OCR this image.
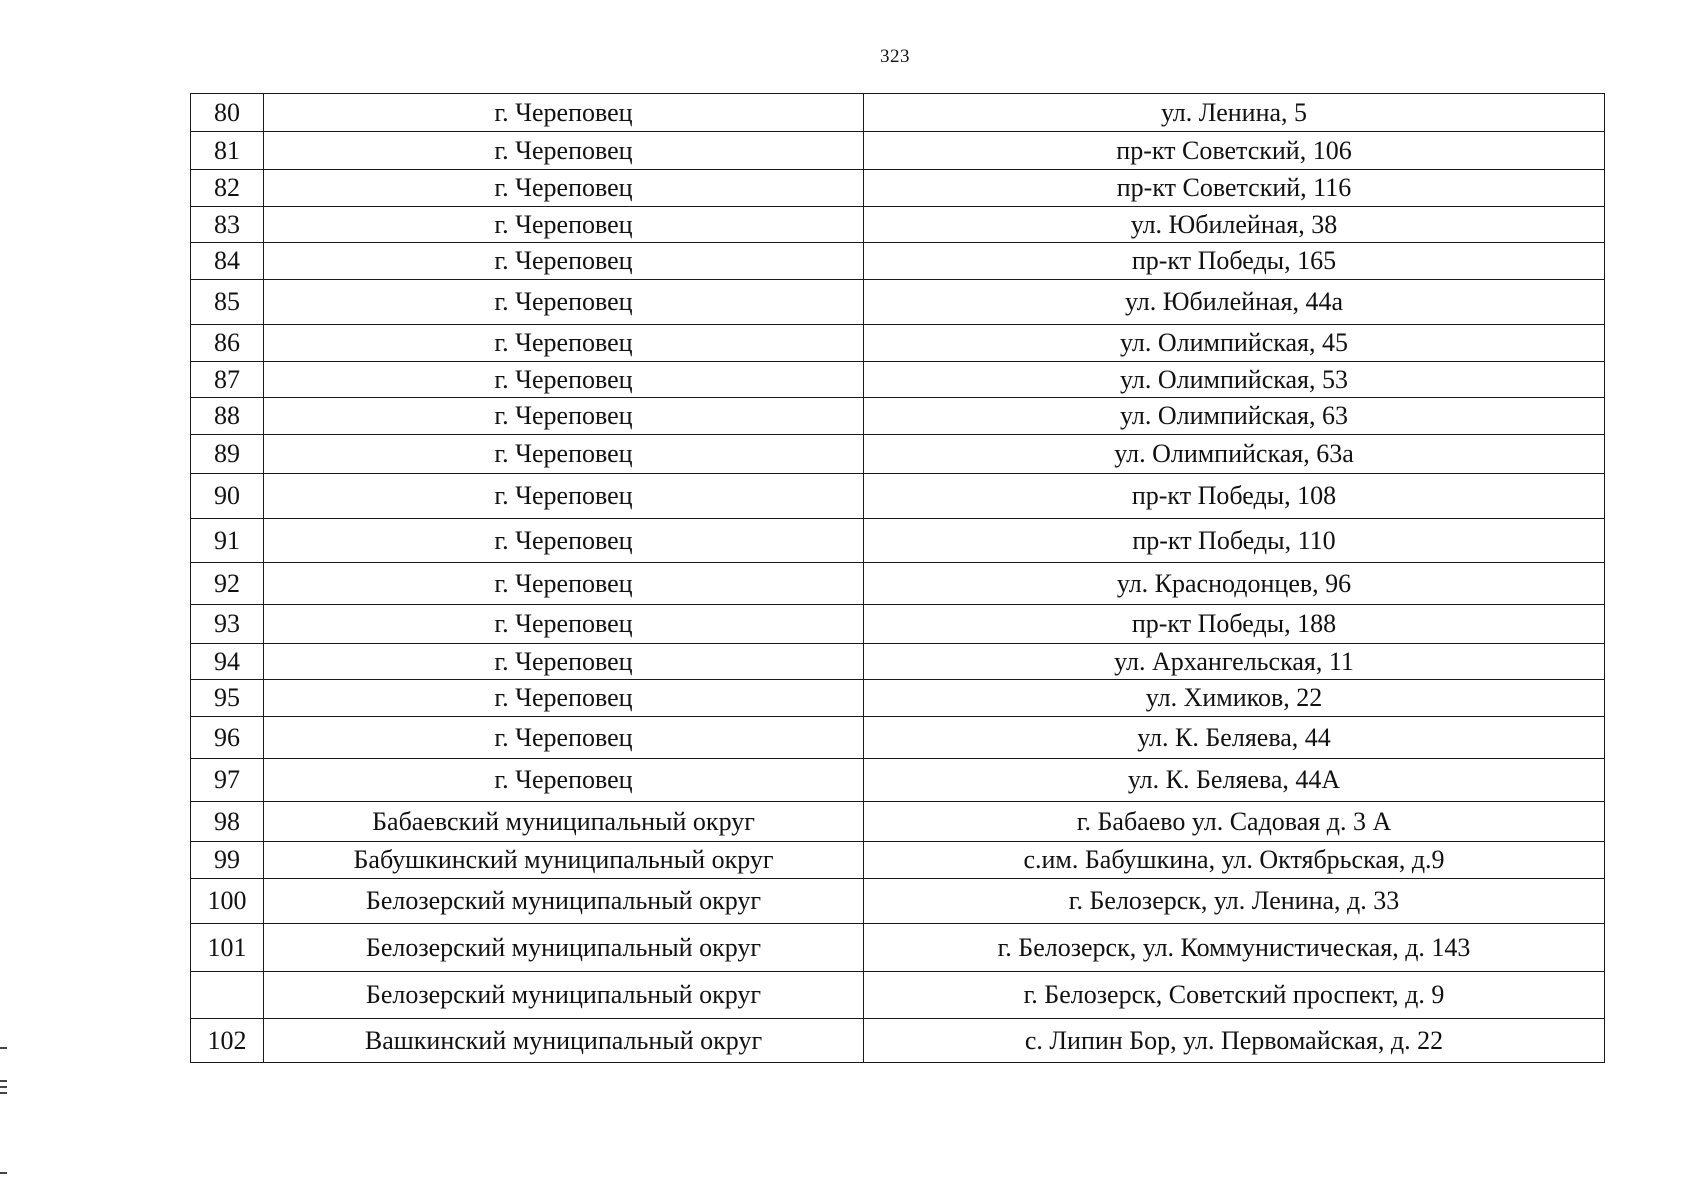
323
80	г. Череповец	ул. Ленина, 5
81	г. Череповец	пр-кт Советский, 106
82	г. Череповец	пр-кт Советский, 116
83	г. Череповец	ул. Юбилейная, 38
84	г. Череповец	пр-кт Победы, 165
85	г. Череповец	ул. Юбилейная, 44а
86	г. Череповец	ул. Олимпийская, 45
87	г. Череповец	ул. Олимпийская, 53
88	г. Череповец	ул. Олимпийская, 63
89	г. Череповец	ул. Олимпийская, 63а
90	г. Череповец	пр-кт Победы, 108
91	г. Череповец	пр-кт Победы, 110
92	г. Череповец	ул. Краснодонцев, 96
93	г. Череповец	пр-кт Победы, 188
94	г. Череповец	ул. Архангельская, 11
95	г. Череповец	ул. Химиков, 22
96	г. Череповец	ул. К. Беляева, 44
97	г. Череповец	ул. К. Беляева, 44А
98	Бабаевский муниципальный округ	г. Бабаево ул. Садовая д. 3 А
99	Бабушкинский муниципальный округ	с.им. Бабушкина, ул. Октябрьская, д.9
100	Белозерский муниципальный округ	г. Белозерск, ул. Ленина, д. 33
101	Белозерский муниципальный округ	г. Белозерск, ул. Коммунистическая, д. 143
	Белозерский муниципальный округ	г. Белозерск, Советский проспект, д. 9
102	Вашкинский муниципальный округ	с. Липин Бор, ул. Первомайская, д. 22
